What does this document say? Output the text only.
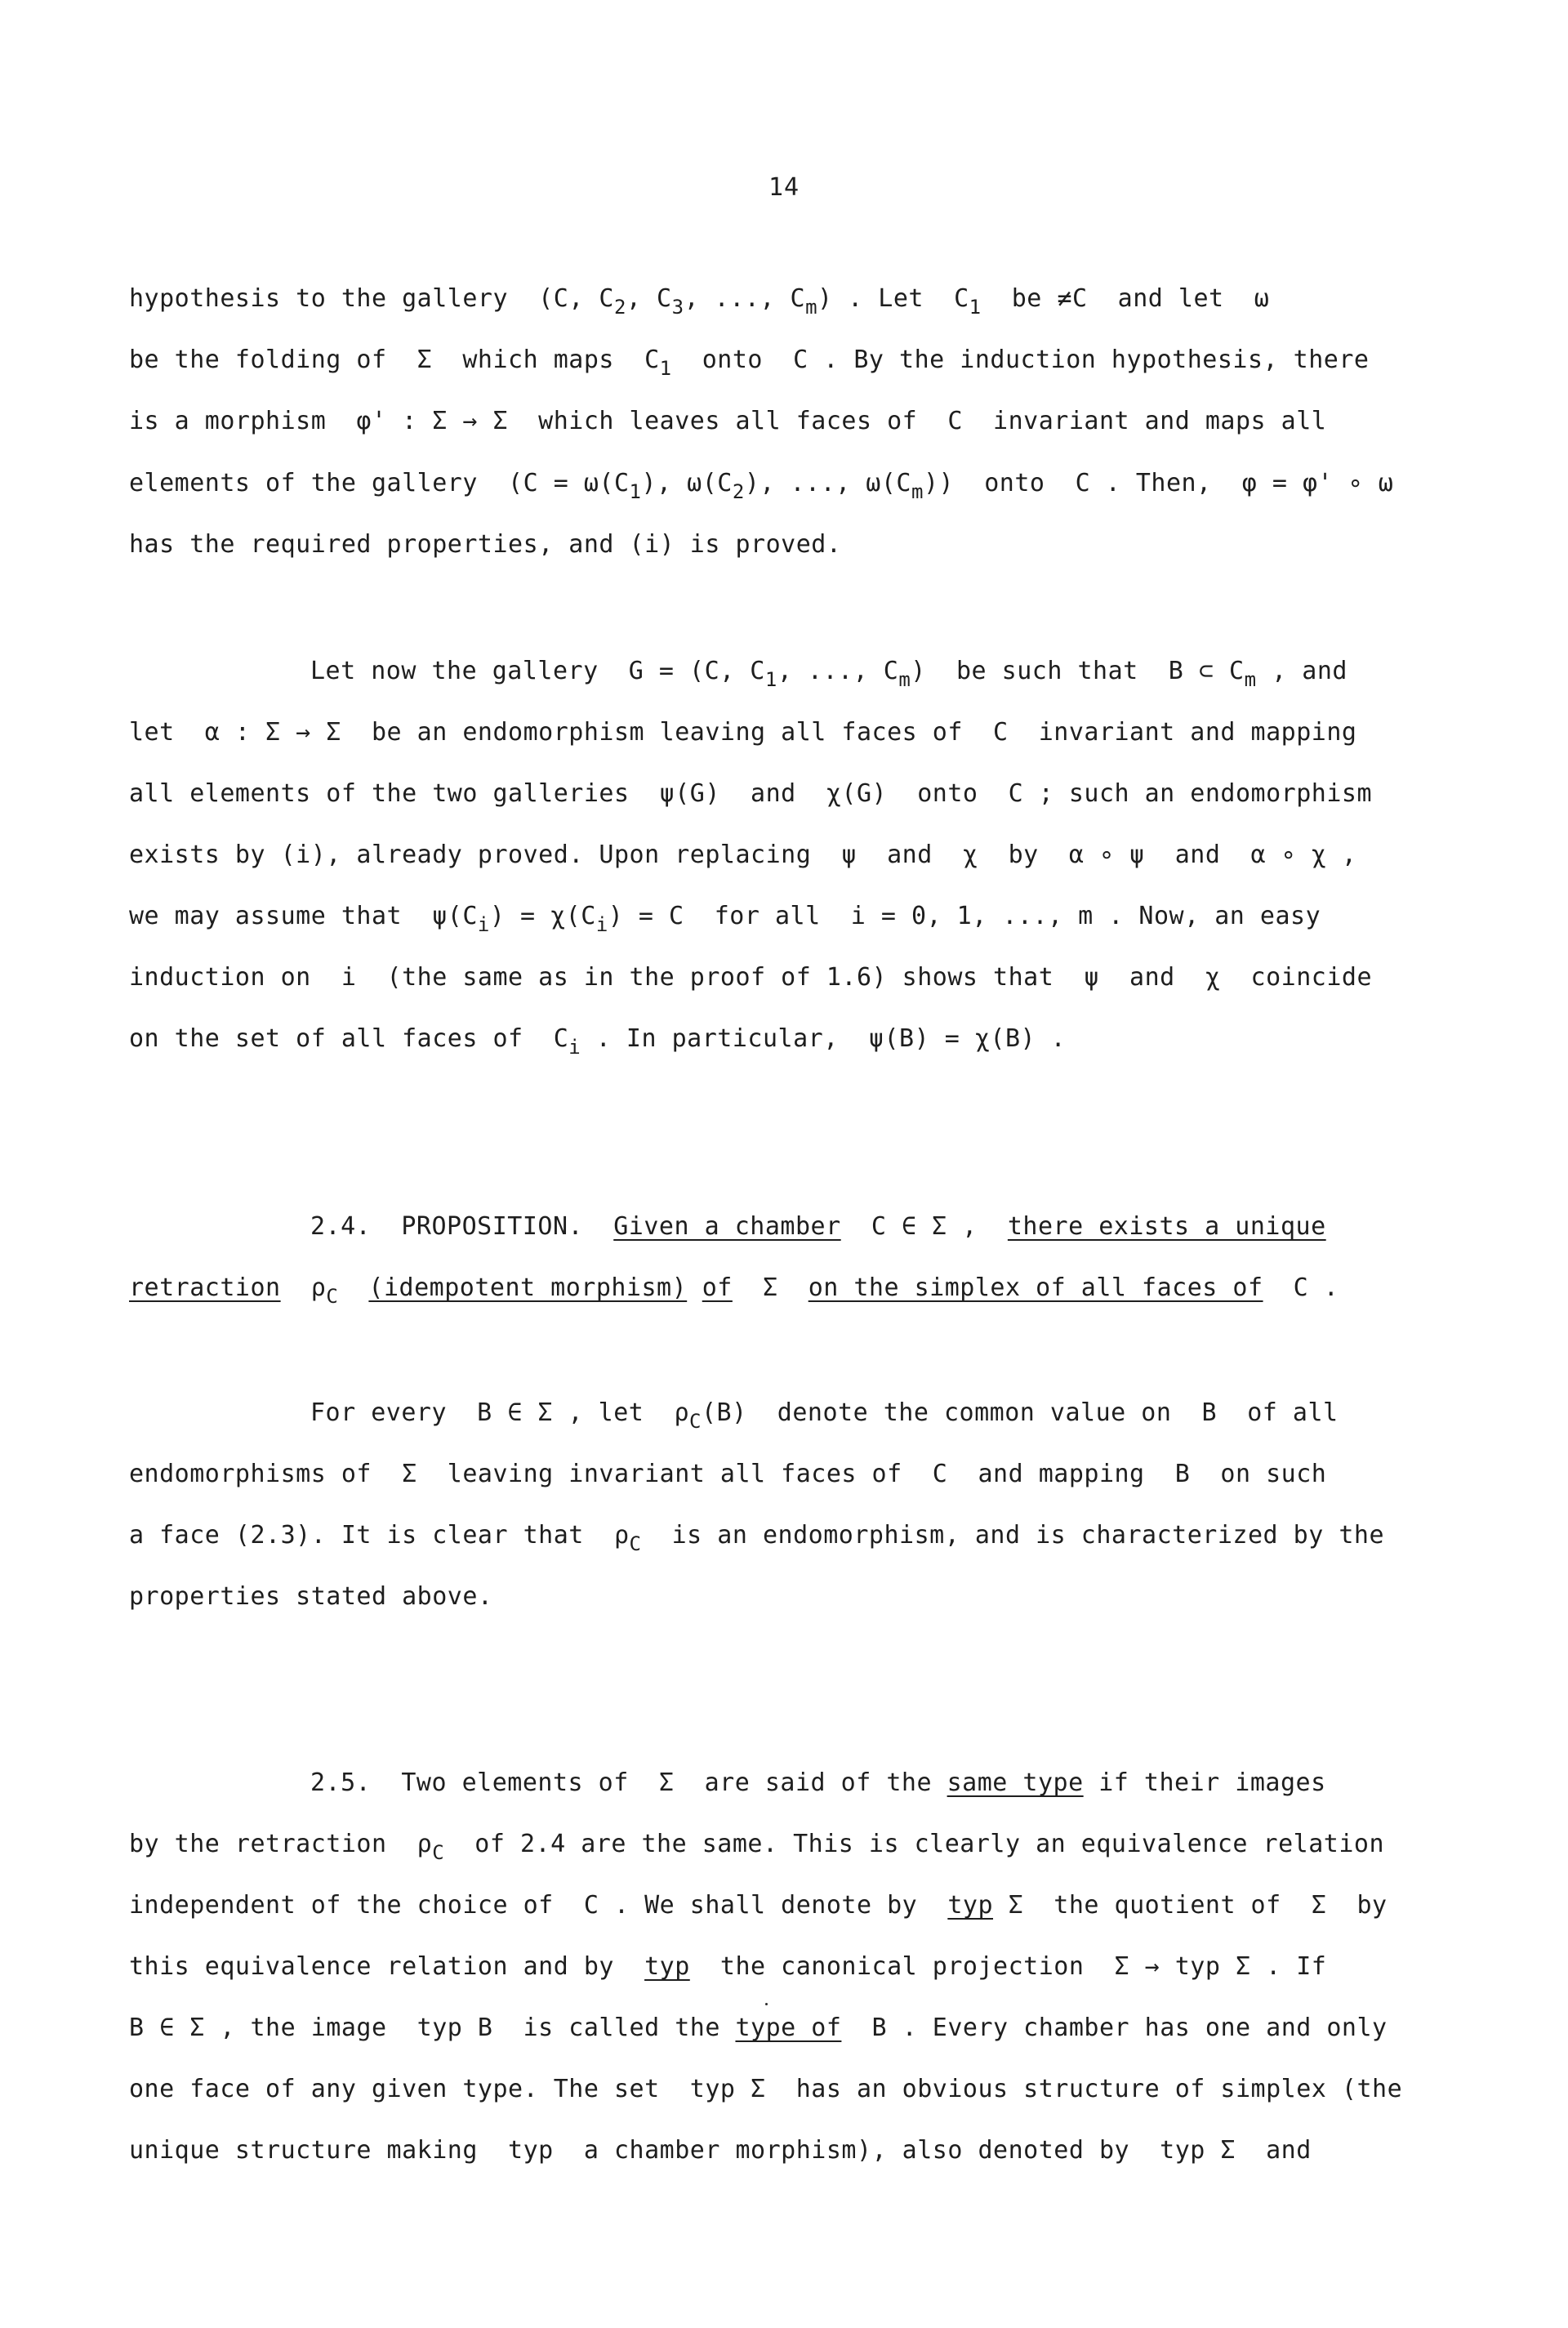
14

hypothesis to the gallery  (C, $C_2$, $C_3$, ..., $C_m$) . Let  $C_1$  be ≠C  and let  ω

be the folding of  Σ  which maps  $C_1$  onto  C . By the induction hypothesis, there

is a morphism  φ' : Σ → Σ  which leaves all faces of  C  invariant and maps all

elements of the gallery  ($C = \omega(C_1)$, $\omega(C_2)$, ..., $\omega(C_m)$)  onto  C . Then,  φ = φ' ∘ ω

has the required properties, and (i) is proved.

Let now the gallery  G = (C, $C_1$, ..., $C_m$)  be such that  B ⊂ $C_m$ , and

let  α : Σ → Σ  be an endomorphism leaving all faces of  C  invariant and mapping

all elements of the two galleries  ψ(G)  and  χ(G)  onto  C ; such an endomorphism

exists by (i), already proved. Upon replacing  ψ  and  χ  by  α ∘ ψ  and  α ∘ χ ,

we may assume that  $\psi(C_i) = \chi(C_i) = C$  for all  i = 0, 1, ..., m . Now, an easy

induction on  i  (the same as in the proof of 1.6) shows that  ψ  and  χ  coincide

on the set of all faces of  $C_i$ . In particular,  ψ(B) = χ(B) .

2.4. PROPOSITION. Given a chamber C ∈ Σ , there exists a unique

retraction $\rho_C$ (idempotent morphism) of Σ on the simplex of all faces of C .

For every  B ∈ Σ , let  $\rho_C(B)$  denote the common value on  B  of all

endomorphisms of  Σ  leaving invariant all faces of  C  and mapping  B  on such

a face (2.3). It is clear that  $\rho_C$  is an endomorphism, and is characterized by the

properties stated above.

2.5.  Two elements of  Σ  are said of the same type if their images

by the retraction  $\rho_C$  of 2.4 are the same. This is clearly an equivalence relation

independent of the choice of  C . We shall denote by  typ Σ  the quotient of  Σ  by

this equivalence relation and by  typ  the canonical projection  Σ → typ Σ . If

B ∈ Σ , the image  typ B  is called the type of  B . Every chamber has one and only

one face of any given type. The set  typ Σ  has an obvious structure of simplex (the

unique structure making  typ  a chamber morphism), also denoted by  typ Σ  and
